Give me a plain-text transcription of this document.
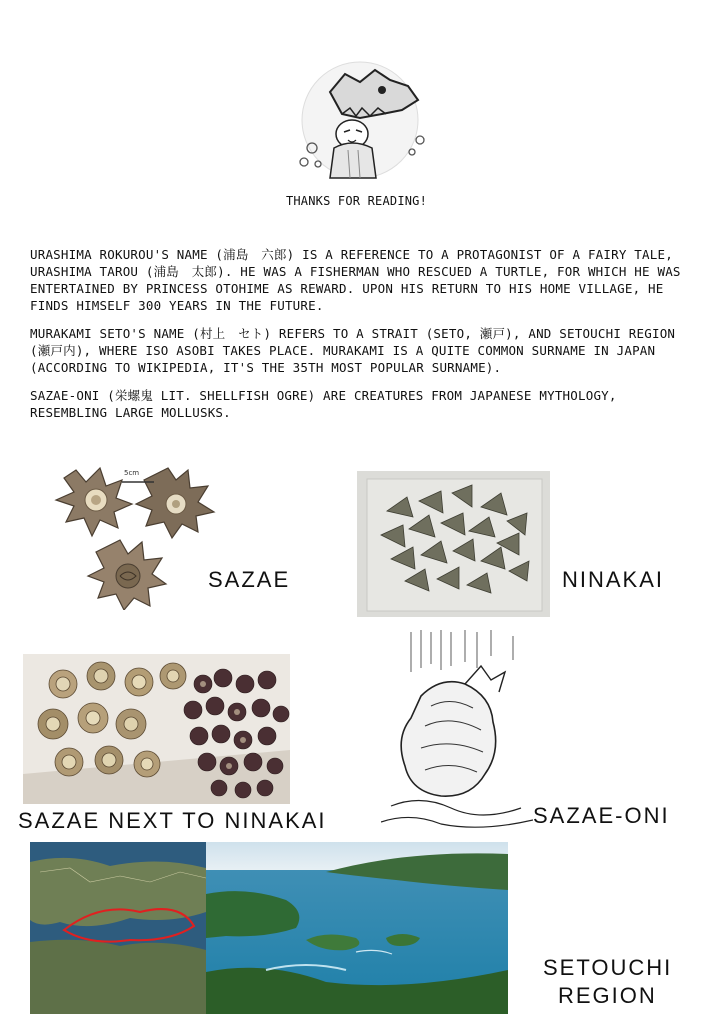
THANKS FOR READING!

URASHIMA ROKUROU'S NAME (浦島　六郎) IS A REFERENCE TO A PROTAGONIST OF A FAIRY TALE, URASHIMA TAROU (浦島　太郎). HE WAS A FISHERMAN WHO RESCUED A TURTLE, FOR WHICH HE WAS ENTERTAINED BY PRINCESS OTOHIME AS REWARD. UPON HIS RETURN TO HIS HOME VILLAGE, HE FINDS HIMSELF 300 YEARS IN THE FUTURE.

MURAKAMI SETO'S NAME (村上　セト) REFERS TO A STRAIT (SETO, 瀬戸), AND SETOUCHI REGION (瀬戸内), WHERE ISO ASOBI TAKES PLACE. MURAKAMI IS A QUITE COMMON SURNAME IN JAPAN (ACCORDING TO WIKIPEDIA, IT'S THE 35TH MOST POPULAR SURNAME).

SAZAE-ONI (栄螺鬼 LIT. SHELLFISH OGRE) ARE CREATURES FROM JAPANESE MYTHOLOGY, RESEMBLING LARGE MOLLUSKS.

5cm
SAZAE	NINAKAI
SAZAE NEXT TO NINAKAI	SAZAE-ONI
SETOUCHI
REGION
